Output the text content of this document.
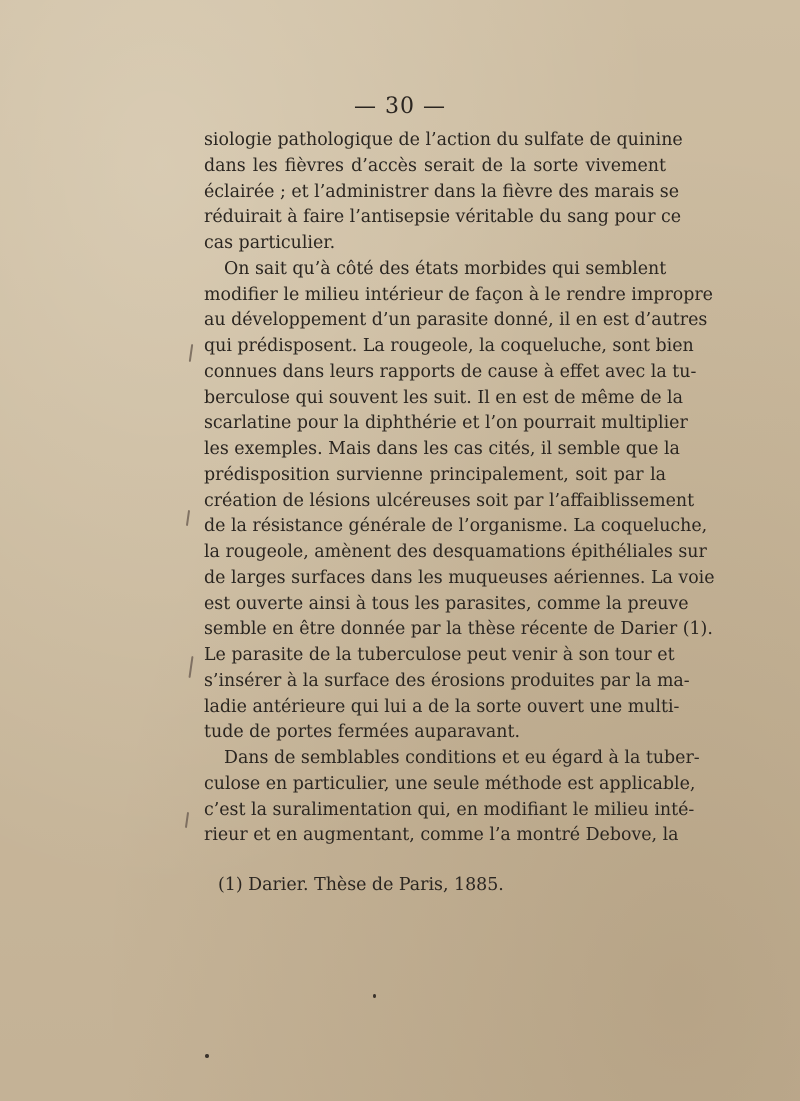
— 30 —
siologie pathologique de l’action du sulfate de quinine
dans les fièvres d’accès serait de la sorte vivement
éclairée ; et l’administrer dans la fièvre des marais se
réduirait à faire l’antisepsie véritable du sang pour ce
cas particulier.
On sait qu’à côté des états morbides qui semblent
modifier le milieu intérieur de façon à le rendre impropre
au développement d’un parasite donné, il en est d’autres
qui prédisposent. La rougeole, la coqueluche, sont bien
connues dans leurs rapports de cause à effet avec la tu-
berculose qui souvent les suit. Il en est de même de la
scarlatine pour la diphthérie et l’on pourrait multiplier
les exemples. Mais dans les cas cités, il semble que la
prédisposition survienne principalement, soit par la
création de lésions ulcéreuses soit par l’affaiblissement
de la résistance générale de l’organisme. La coqueluche,
la rougeole, amènent des desquamations épithéliales sur
de larges surfaces dans les muqueuses aériennes. La voie
est ouverte ainsi à tous les parasites, comme la preuve
semble en être donnée par la thèse récente de Darier (1).
Le parasite de la tuberculose peut venir à son tour et
s’insérer à la surface des érosions produites par la ma-
ladie antérieure qui lui a de la sorte ouvert une multi-
tude de portes fermées auparavant.
Dans de semblables conditions et eu égard à la tuber-
culose en particulier, une seule méthode est applicable,
c’est la suralimentation qui, en modifiant le milieu inté-
rieur et en augmentant, comme l’a montré Debove, la
(1) Darier. Thèse de Paris, 1885.
